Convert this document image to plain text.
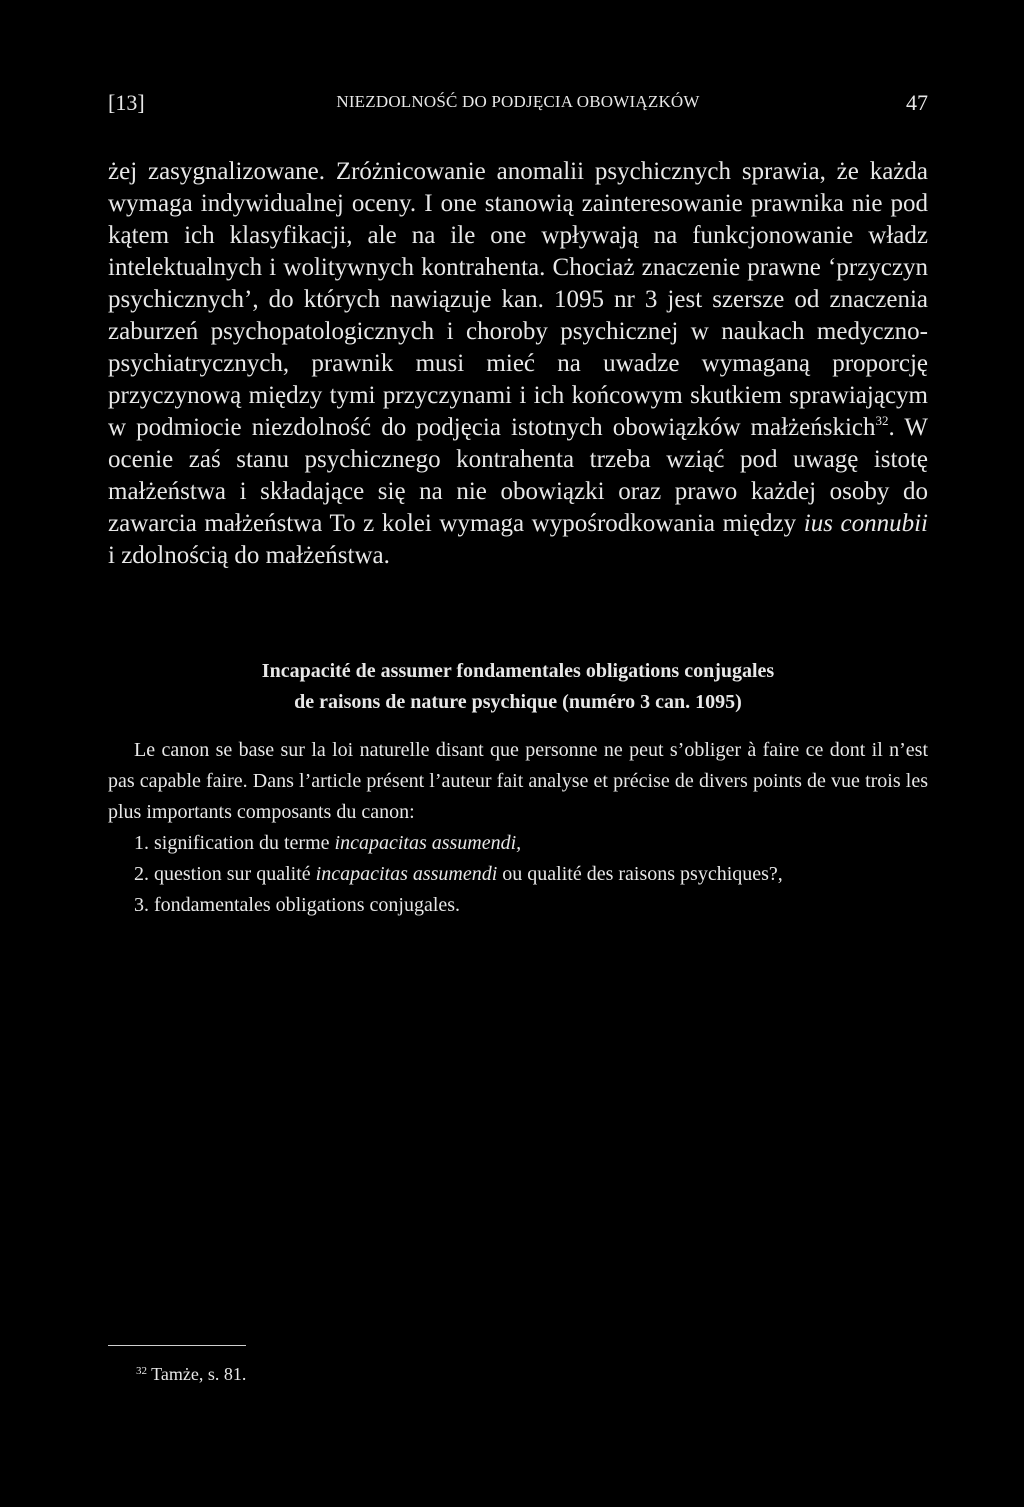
[13]	NIEZDOLNOŚĆ DO PODJĘCIA OBOWIĄZKÓW	47

żej zasygnalizowane. Zróżnicowanie anomalii psychicznych sprawia, że każda wymaga indywidualnej oceny. I one stanowią zainteresowanie prawnika nie pod kątem ich klasyfikacji, ale na ile one wpływają na funkcjonowanie władz intelektualnych i wolitywnych kontrahenta. Chociaż znaczenie prawne ‘przyczyn psychicznych’, do których nawiązuje kan. 1095 nr 3 jest szersze od znaczenia zaburzeń psychopatologicznych i choroby psychicznej w naukach medyczno-psychiatrycznych, prawnik musi mieć na uwadze wymaganą proporcję przyczynową między tymi przyczynami i ich końcowym skutkiem sprawiającym w podmiocie niezdolność do podjęcia istotnych obowiązków małżeńskich$^{32}$. W ocenie zaś stanu psychicznego kontrahenta trzeba wziąć pod uwagę istotę małżeństwa i składające się na nie obowiązki oraz prawo każdej osoby do zawarcia małżeństwa To z kolei wymaga wypośrodkowania między ius connubii i zdolnością do małżeństwa.

Incapacité de assumer fondamentales obligations conjugales
de raisons de nature psychique (numéro 3 can. 1095)

Le canon se base sur la loi naturelle disant que personne ne peut s’obliger à faire ce dont il n’est pas capable faire. Dans l’article présent l’auteur fait analyse et précise de divers points de vue trois les plus importants composants du canon:

1. signification du terme incapacitas assumendi,
2. question sur qualité incapacitas assumendi ou qualité des raisons psychiques?,
3. fondamentales obligations conjugales.
$^{32}$ Tamże, s. 81.
